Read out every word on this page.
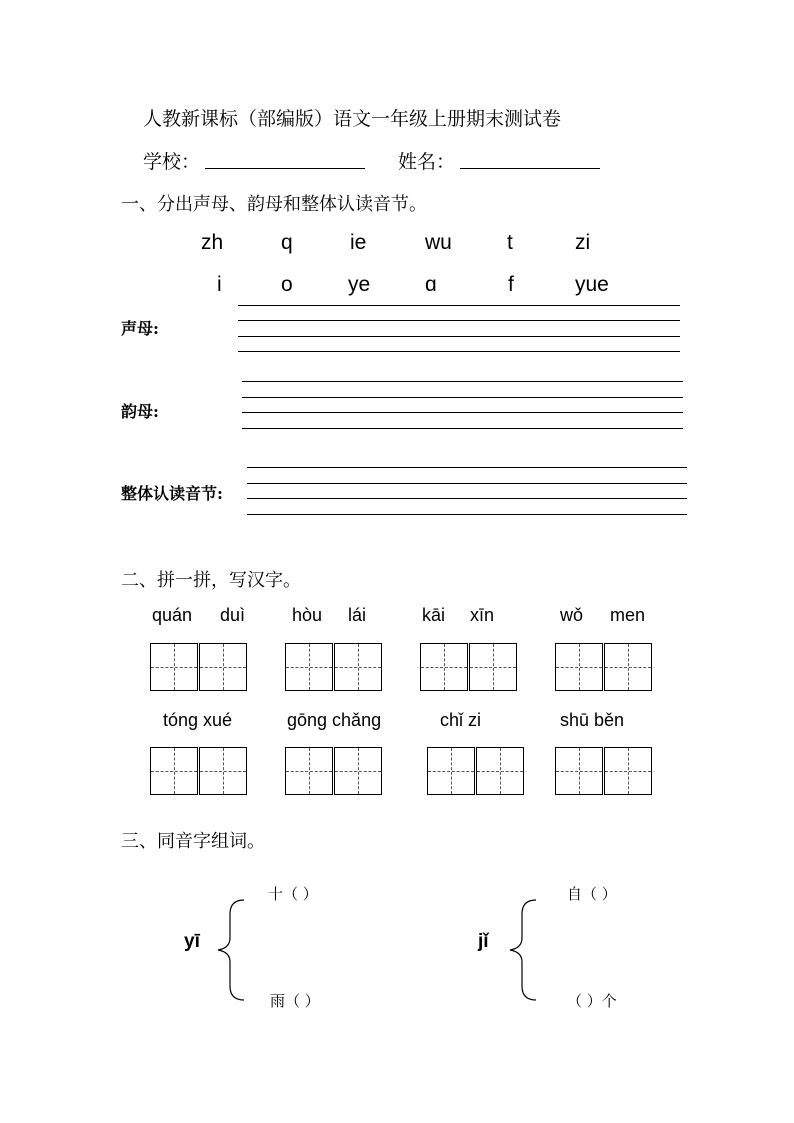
人教新课标（部编版）语文一年级上册期末测试卷
学校：	姓名：
一、分出声母、韵母和整体认读音节。
zh	q	ie	wu	t	zi
i	o	ye	ɑ	f	yue
声母:
韵母:
整体认读音节:
二、拼一拼，写汉字。
quán duì	hòu lái	kāi xīn	wǒ men
tóng xué	gōng chǎng	chǐ zi	shū běn
三、同音字组词。
yī
十（ ）
雨（ ）
jǐ
自（ ）
（ ）个
